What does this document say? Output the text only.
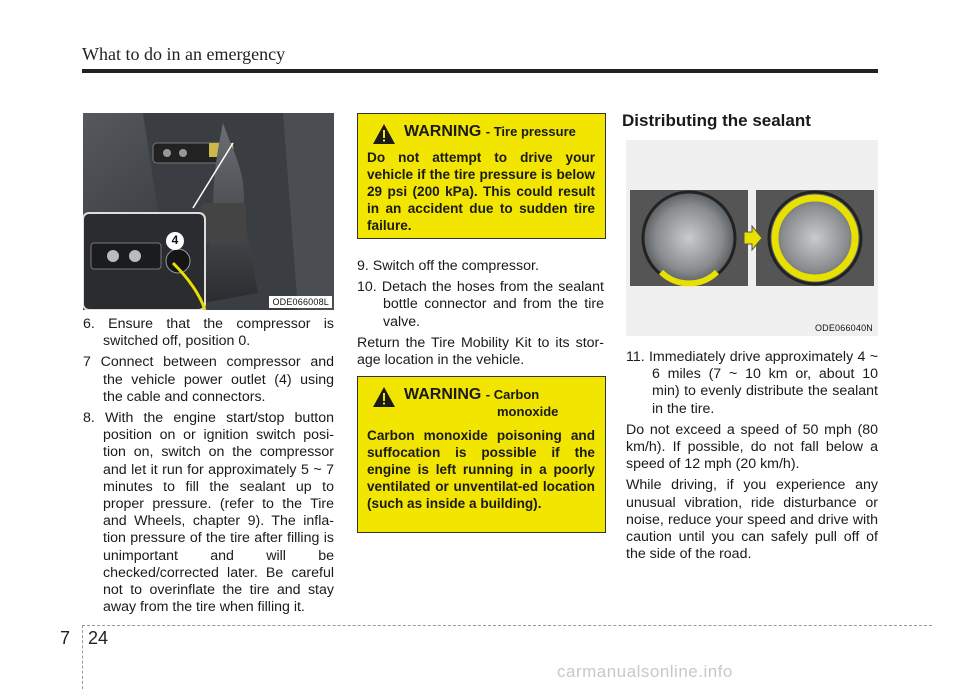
What to do in an emergency
4
ODE066008L

6. Ensure that the compressor is switched off, position 0.

7 Connect between compressor and the vehicle power outlet (4) using the cable and connectors.

8. With the engine start/stop button position on or ignition switch posi-tion on, switch on the compressor and let it run for approximately 5 ~ 7 minutes to fill the sealant up to proper pressure. (refer to the Tire and Wheels, chapter 9). The infla-tion pressure of the tire after filling is unimportant and will be checked/corrected later. Be careful not to overinflate the tire and stay away from the tire when filling it.

WARNING - Tire pressure
Do not attempt to drive your vehicle if the tire pressure is below 29 psi (200 kPa). This could result in an accident due to sudden tire failure.

9. Switch off the compressor.

10. Detach the hoses from the sealant bottle connector and from the tire valve.

Return the Tire Mobility Kit to its stor-age location in the vehicle.

WARNING - Carbon
monoxide
Carbon monoxide poisoning and suffocation is possible if the engine is left running in a poorly ventilated or unventilat-ed location (such as inside a building).
Distributing the sealant
ODE066040N

11. Immediately drive approximately 4 ~ 6 miles (7 ~ 10 km or, about 10 min) to evenly distribute the sealant in the tire.

Do not exceed a speed of 50 mph (80 km/h). If possible, do not fall below a speed of 12 mph (20 km/h).

While driving, if you experience any unusual vibration, ride disturbance or noise, reduce your speed and drive with caution until you can safely pull off of the side of the road.

7 24
carmanualsonline.info
